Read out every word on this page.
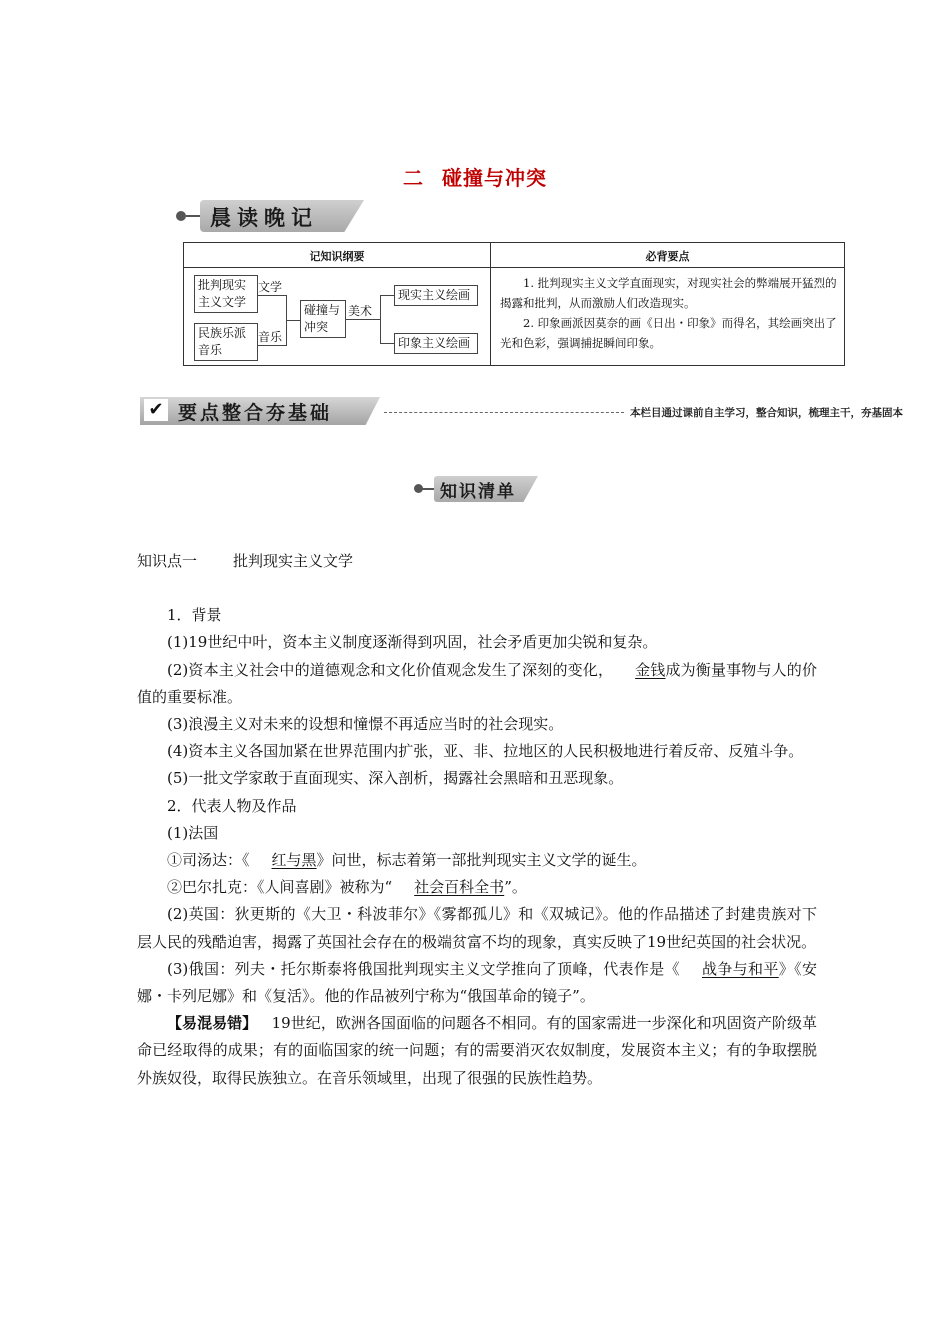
二 碰撞与冲突
晨读晚记
记知识纲要	必背要点
批判现实主义文学
民族乐派音乐
文学
音乐
碰撞与冲突
美术
现实主义绘画
印象主义绘画

1. 批判现实主义文学直面现实，对现实社会的弊端展开猛烈的揭露和批判，从而激励人们改造现实。

2. 印象画派因莫奈的画《日出・印象》而得名，其绘画突出了光和色彩，强调捕捉瞬间印象。

✔ 要点整合夯基础	本栏目通过课前自主学习，整合知识，梳理主干，夯基固本
知识清单

知识点一 批判现实主义文学

1．背景

(1)19世纪中叶，资本主义制度逐渐得到巩固，社会矛盾更加尖锐和复杂。

(2)资本主义社会中的道德观念和文化价值观念发生了深刻的变化， 金钱成为衡量事物与人的价值的重要标准。

(3)浪漫主义对未来的设想和憧憬不再适应当时的社会现实。

(4)资本主义各国加紧在世界范围内扩张，亚、非、拉地区的人民积极地进行着反帝、反殖斗争。

(5)一批文学家敢于直面现实、深入剖析，揭露社会黑暗和丑恶现象。

2．代表人物及作品

(1)法国

①司汤达：《 红与黑》问世，标志着第一部批判现实主义文学的诞生。

②巴尔扎克：《人间喜剧》被称为“ 社会百科全书”。

(2)英国：狄更斯的《大卫・科波菲尔》《雾都孤儿》和《双城记》。他的作品描述了封建贵族对下层人民的残酷迫害，揭露了英国社会存在的极端贫富不均的现象，真实反映了19世纪英国的社会状况。

(3)俄国：列夫・托尔斯泰将俄国批判现实主义文学推向了顶峰，代表作是《 战争与和平》《安娜・卡列尼娜》和《复活》。他的作品被列宁称为“俄国革命的镜子”。

【易混易错】 19世纪，欧洲各国面临的问题各不相同。有的国家需进一步深化和巩固资产阶级革命已经取得的成果；有的面临国家的统一问题；有的需要消灭农奴制度，发展资本主义；有的争取摆脱外族奴役，取得民族独立。在音乐领域里，出现了很强的民族性趋势。
